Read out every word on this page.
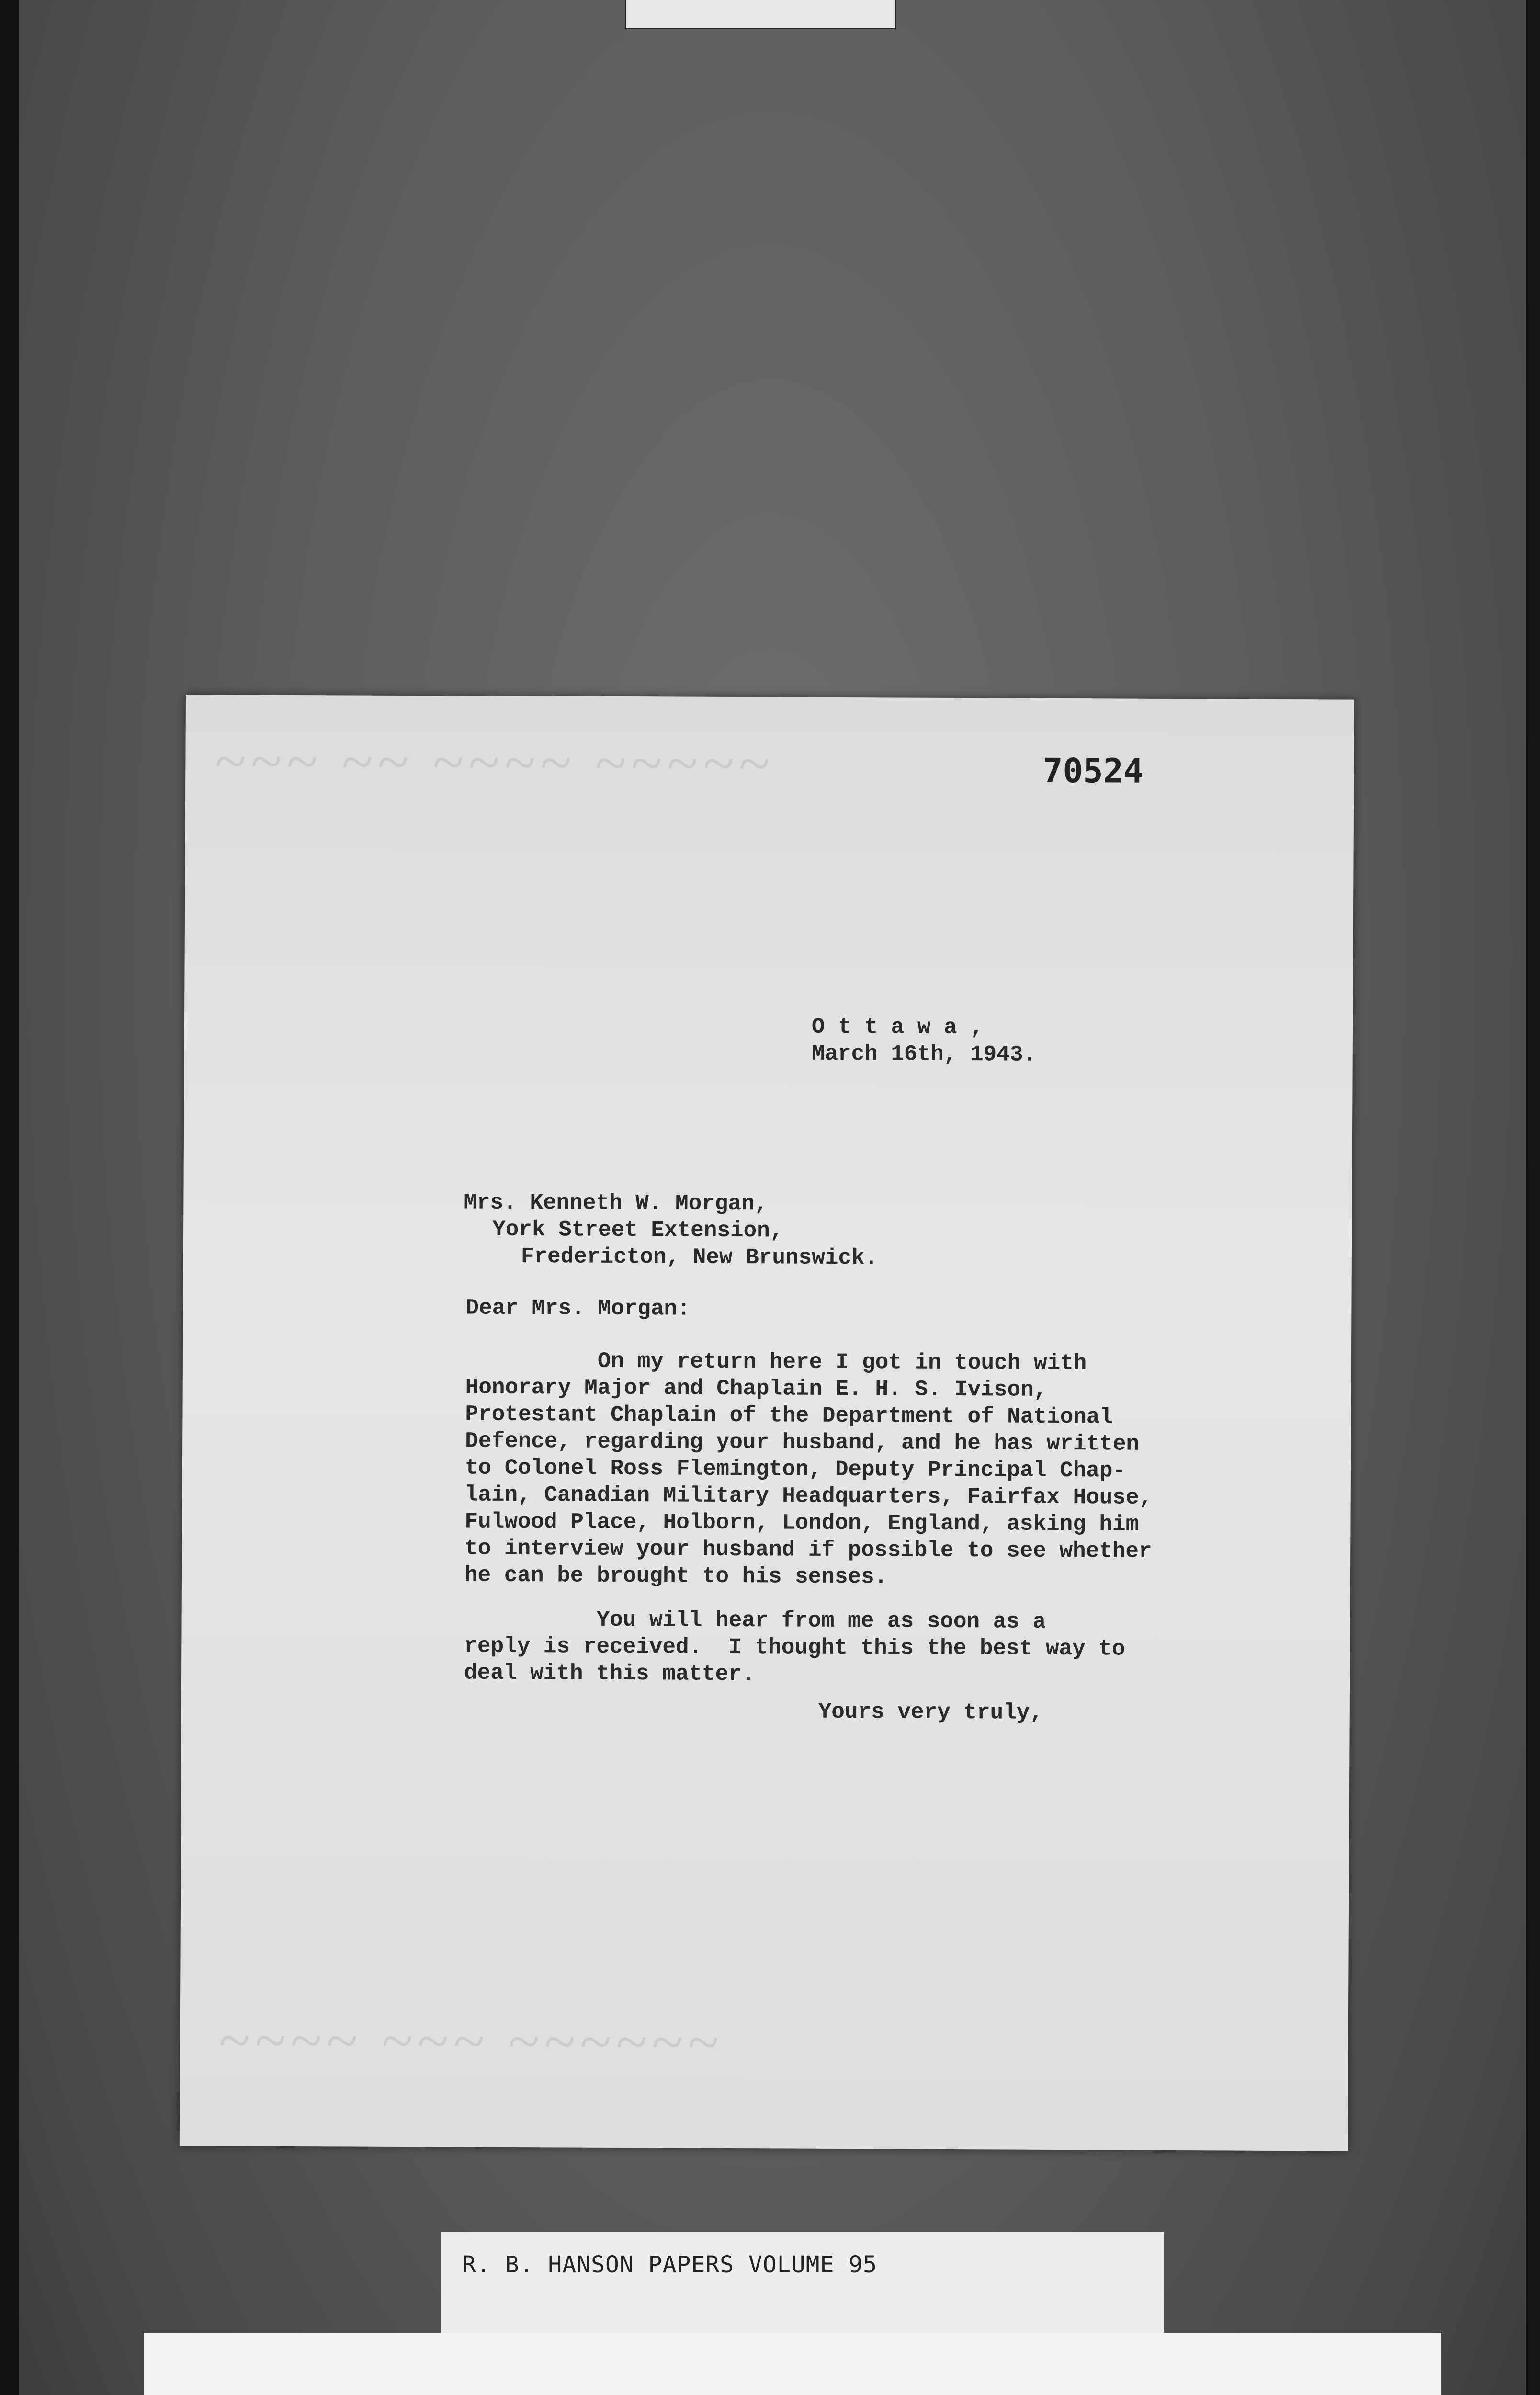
~~~ ~~ ~~~~ ~~~~~
~~~~ ~~~ ~~~~~~
70524
O t t a w a ,
March 16th, 1943.
Mrs. Kenneth W. Morgan,
York Street Extension,
Fredericton, New Brunswick.
Dear Mrs. Morgan:
On my return here I got in touch with
Honorary Major and Chaplain E. H. S. Ivison,
Protestant Chaplain of the Department of National
Defence, regarding your husband, and he has written
to Colonel Ross Flemington, Deputy Principal Chap-
lain, Canadian Military Headquarters, Fairfax House,
Fulwood Place, Holborn, London, England, asking him
to interview your husband if possible to see whether
he can be brought to his senses.
You will hear from me as soon as a
reply is received.  I thought this the best way to
deal with this matter.
Yours very truly,
R. B. HANSON PAPERS VOLUME 95
